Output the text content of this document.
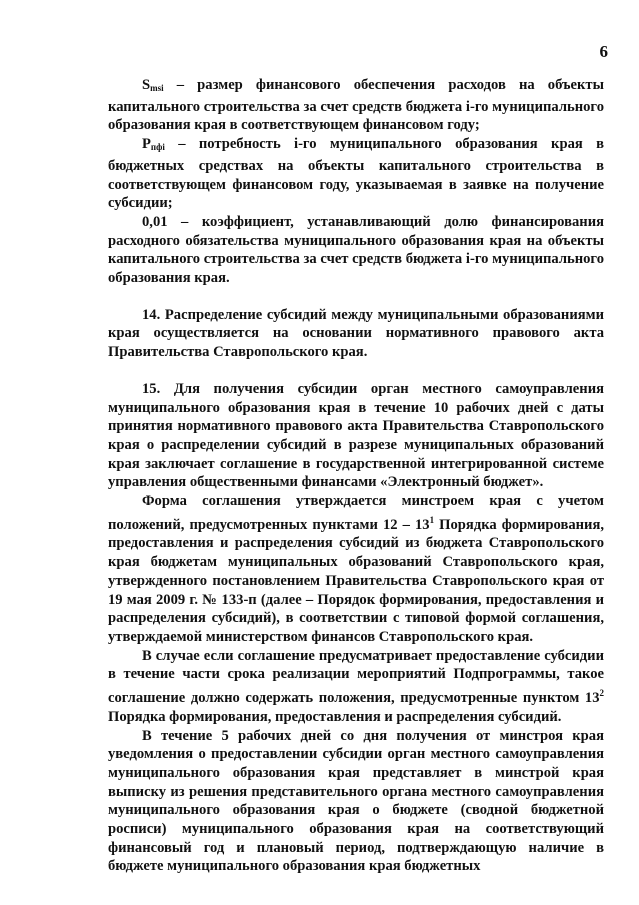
6

$S_{msi}$ – размер финансового обеспечения расходов на объекты капитального строительства за счет средств бюджета i-го муниципального образования края в соответствующем финансовом году;

$P_{пфi}$ – потребность i-го муниципального образования края в бюджетных средствах на объекты капитального строительства в соответствующем финансовом году, указываемая в заявке на получение субсидии;

0,01 – коэффициент, устанавливающий долю финансирования расходного обязательства муниципального образования края на объекты капитального строительства за счет средств бюджета i-го муниципального образования края.

14. Распределение субсидий между муниципальными образованиями края осуществляется на основании нормативного правового акта Правительства Ставропольского края.

15. Для получения субсидии орган местного самоуправления муниципального образования края в течение 10 рабочих дней с даты принятия нормативного правового акта Правительства Ставропольского края о распределении субсидий в разрезе муниципальных образований края заключает соглашение в государственной интегрированной системе управления общественными финансами «Электронный бюджет».

Форма соглашения утверждается минстроем края с учетом положений, предусмотренных пунктами $12 - 13^1$ Порядка формирования, предоставления и распределения субсидий из бюджета Ставропольского края бюджетам муниципальных образований Ставропольского края, утвержденного постановлением Правительства Ставропольского края от 19 мая 2009 г. № 133-п (далее – Порядок формирования, предоставления и распределения субсидий), в соответствии с типовой формой соглашения, утверждаемой министерством финансов Ставропольского края.

В случае если соглашение предусматривает предоставление субсидии в течение части срока реализации мероприятий Подпрограммы, такое соглашение должно содержать положения, предусмотренные пунктом $13^2$ Порядка формирования, предоставления и распределения субсидий.

В течение 5 рабочих дней со дня получения от минстроя края уведомления о предоставлении субсидии орган местного самоуправления муниципального образования края представляет в минстрой края выписку из решения представительного органа местного самоуправления муниципального образования края о бюджете (сводной бюджетной росписи) муниципального образования края на соответствующий финансовый год и плановый период, подтверждающую наличие в бюджете муниципального образования края бюджетных
